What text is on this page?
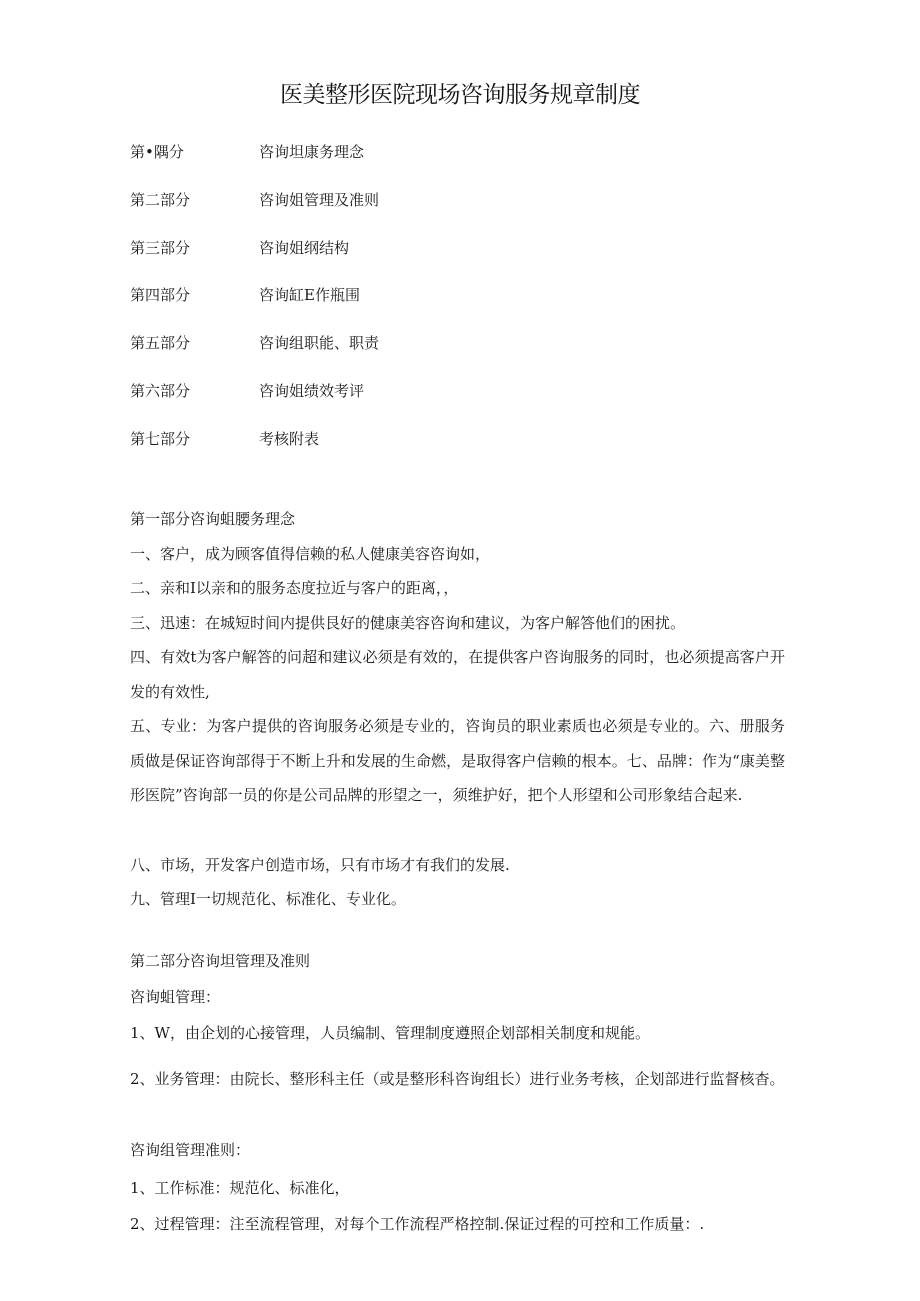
医美整形医院现场咨询服务规章制度
第•隅分	咨询坦康务理念
第二部分	咨询姐管理及准则
第三部分	咨询姐纲结构
第四部分	咨询缸E作瓶围
第五部分	咨询组职能、职责
第六部分	咨询姐绩效考评
第七部分	考核附表
第一部分咨询蛆腰务理念
一、客户，成为顾客值得信赖的私人健康美容咨询如，
二、亲和Ⅰ以亲和的服务态度拉近与客户的距离，，
三、迅速：在城短时间内提供艮好的健康美容咨询和建议，为客户解答他们的困扰。
四、有效t为客户解答的问超和建议必须是有效的，在提供客户咨询服务的同时，也必须提高客户开发的有效性,
五、专业：为客户提供的咨询服务必须是专业的，咨询员的职业素质也必须是专业的。六、册服务质做是保证咨询部得于不断上升和发展的生命燃，是取得客户信赖的根本。七、品牌：作为“康美整形医院”咨询部一员的你是公司品牌的形望之一，须维护好，把个人形望和公司形象结合起来.
八、市场，开发客户创造市场，只有市场才有我们的发展.
九、管理Ⅰ一切规范化、标准化、专业化。
第二部分咨询坦管理及准则
咨询蛆管理：
1、W，由企划的心接管理，人员编制、管理制度遵照企划部相关制度和规能。
2、业务管理：由院长、整形科主任（或是整形科咨询组长）进行业务考核，企划部进行监督核杳。
咨询组管理准则：
1、工作标准：规范化、标准化，
2、过程管理：注至流程管理，对每个工作流程严格控制.保证过程的可控和工作质量：.
